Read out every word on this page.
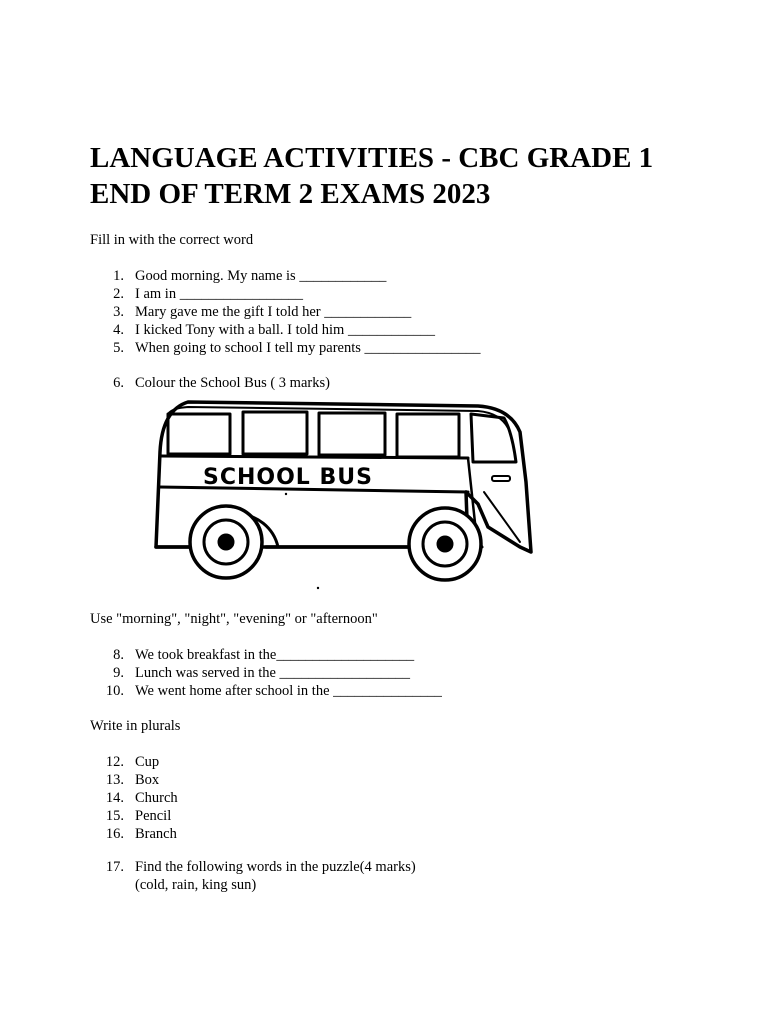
LANGUAGE ACTIVITIES - CBC GRADE 1
END OF TERM 2 EXAMS 2023

Fill in with the correct word

1. Good morning. My name is ____________
2. I am in _________________
3. Mary gave me the gift I told her ____________
4. I kicked Tony with a ball. I told him ____________
5. When going to school I tell my parents ________________
6. Colour the School Bus ( 3 marks)
SCHOOL BUS

Use "morning", "night", "evening" or "afternoon"

8. We took breakfast in the___________________
9. Lunch was served in the __________________
10. We went home after school in the _______________

Write in plurals

12. Cup
13. Box
14. Church
15. Pencil
16. Branch
17. Find the following words in the puzzle(4 marks)
(cold, rain, king sun)
